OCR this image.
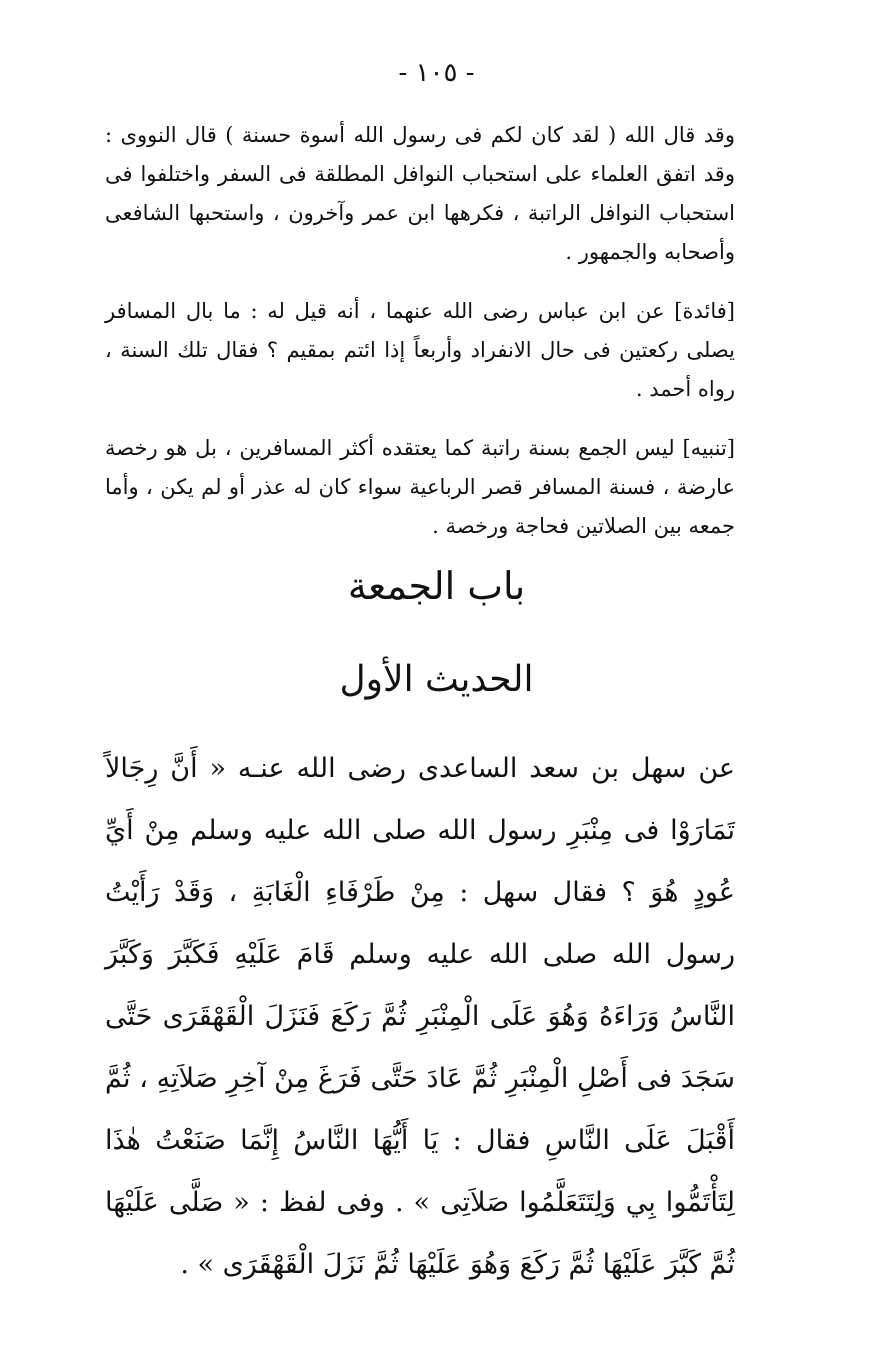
- ١٠٥ -

وقد قال الله ( لقد كان لكم فى رسول الله أسوة حسنة ) قال النووى : وقد اتفق العلماء على استحباب النوافل المطلقة فى السفر واختلفوا فى استحباب النوافل الراتبة ، فكرهها ابن عمر وآخرون ، واستحبها الشافعى وأصحابه والجمهور .

[فائدة] عن ابن عباس رضى الله عنهما ، أنه قيل له : ما بال المسافر يصلى ركعتين فى حال الانفراد وأربعاً إذا ائتم بمقيم ؟ فقال تلك السنة ، رواه أحمد .

[تنبيه] ليس الجمع بسنة راتبة كما يعتقده أكثر المسافرين ، بل هو رخصة عارضة ، فسنة المسافر قصر الرباعية سواء كان له عذر أو لم يكن ، وأما جمعه بين الصلاتين فحاجة ورخصة .

باب الجمعة
الحديث الأول

عن سهل بن سعد الساعدى رضى الله عنـه « أَنَّ رِجَالاً تَمَارَوْا فى مِنْبَرِ رسول الله صلى الله عليه وسلم مِنْ أَيِّ عُودٍ هُوَ ؟ فقال سهل : مِنْ طَرْفَاءِ الْغَابَةِ ، وَقَدْ رَأَيْتُ رسول الله صلى الله عليه وسلم قَامَ عَلَيْهِ فَكَبَّرَ وَكَبَّرَ النَّاسُ وَرَاءَهُ وَهُوَ عَلَى الْمِنْبَرِ ثُمَّ رَكَعَ فَنَزَلَ الْقَهْقَرَى حَتَّى سَجَدَ فى أَصْلِ الْمِنْبَرِ ثُمَّ عَادَ حَتَّى فَرَغَ مِنْ آخِرِ صَلاَتِهِ ، ثُمَّ أَقْبَلَ عَلَى النَّاسِ فقال : يَا أَيُّهَا النَّاسُ إِنَّمَا صَنَعْتُ هٰذَا لِتَأْتَمُّوا بِي وَلِتَتَعَلَّمُوا صَلاَتِى » . وفى لفظ : « صَلَّى عَلَيْهَا ثُمَّ كَبَّرَ عَلَيْهَا ثُمَّ رَكَعَ وَهُوَ عَلَيْهَا ثُمَّ نَزَلَ الْقَهْقَرَى » .
